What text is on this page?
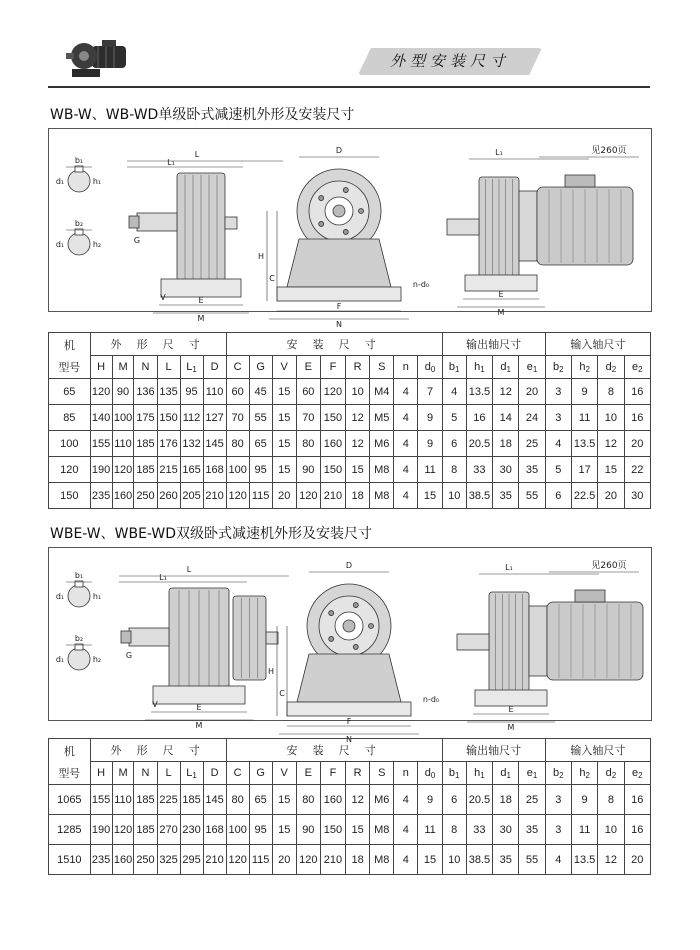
外型安装尺寸
WB-W、WB-WD单级卧式减速机外形及安装尺寸
b₁
h₁
d₁
b₂
h₂
d₁
L
L₁
E
M
V
G
D
F
N
H
C
n-d₀
L₁	见260页
E
M
机
型号	外 形 尺 寸						安 装 尺 寸									输出轴尺寸				输入轴尺寸			
	H	M	N	L	$L_1$	D	C	G	V	E	F	R	S	n	$d_0$	$b_1$	$h_1$	$d_1$	$e_1$	$b_2$	$h_2$	$d_2$	$e_2$
65	120	90	136	135	95	110	60	45	15	60	120	10	M4	4	7	4	13.5	12	20	3	9	8	16
85	140	100	175	150	112	127	70	55	15	70	150	12	M5	4	9	5	16	14	24	3	11	10	16
100	155	110	185	176	132	145	80	65	15	80	160	12	M6	4	9	6	20.5	18	25	4	13.5	12	20
120	190	120	185	215	165	168	100	95	15	90	150	15	M8	4	11	8	33	30	35	5	17	15	22
150	235	160	250	260	205	210	120	115	20	120	210	18	M8	4	15	10	38.5	35	55	6	22.5	20	30
WBE-W、WBE-WD双级卧式减速机外形及安装尺寸
b₁
h₁
d₁
b₂
h₂
d₁
L
L₁
E
M
V
G
D
F
N
H
C
n-d₀
L₁	见260页
E
M
机
型号	外 形 尺 寸						安 装 尺 寸									输出轴尺寸				输入轴尺寸			
	H	M	N	L	$L_1$	D	C	G	V	E	F	R	S	n	$d_0$	$b_1$	$h_1$	$d_1$	$e_1$	$b_2$	$h_2$	$d_2$	$e_2$
1065	155	110	185	225	185	145	80	65	15	80	160	12	M6	4	9	6	20.5	18	25	3	9	8	16
1285	190	120	185	270	230	168	100	95	15	90	150	15	M8	4	11	8	33	30	35	3	11	10	16
1510	235	160	250	325	295	210	120	115	20	120	210	18	M8	4	15	10	38.5	35	55	4	13.5	12	20
